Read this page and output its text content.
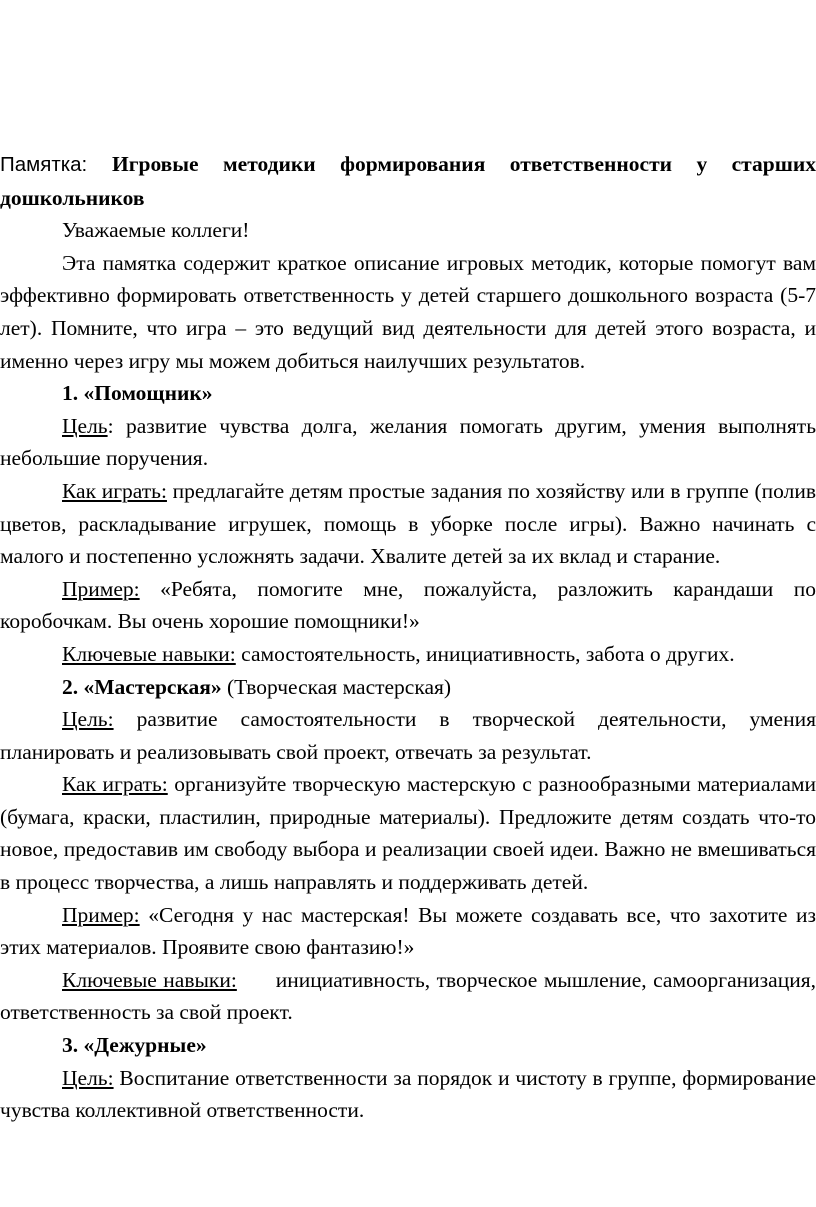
Памятка: Игровые методики формирования ответственности у старших дошкольников

Уважаемые коллеги!

Эта памятка содержит краткое описание игровых методик, которые помогут вам эффективно формировать ответственность у детей старшего дошкольного возраста (5-7 лет). Помните, что игра – это ведущий вид деятельности для детей этого возраста, и именно через игру мы можем добиться наилучших результатов.

1. «Помощник»

Цель: развитие чувства долга, желания помогать другим, умения выполнять небольшие поручения.

Как играть: предлагайте детям простые задания по хозяйству или в группе (полив цветов, раскладывание игрушек, помощь в уборке после игры). Важно начинать с малого и постепенно усложнять задачи. Хвалите детей за их вклад и старание.

Пример: «Ребята, помогите мне, пожалуйста, разложить карандаши по коробочкам. Вы очень хорошие помощники!»

Ключевые навыки: самостоятельность, инициативность, забота о других.

2. «Мастерская» (Творческая мастерская)

Цель: развитие самостоятельности в творческой деятельности, умения планировать и реализовывать свой проект, отвечать за результат.

Как играть: организуйте творческую мастерскую с разнообразными материалами (бумага, краски, пластилин, природные материалы). Предложите детям создать что-то новое, предоставив им свободу выбора и реализации своей идеи. Важно не вмешиваться в процесс творчества, а лишь направлять и поддерживать детей.

Пример: «Сегодня у нас мастерская! Вы можете создавать все, что захотите из этих материалов. Проявите свою фантазию!»

Ключевые навыки:      инициативность, творческое мышление, самоорганизация, ответственность за свой проект.

3. «Дежурные»

Цель: Воспитание ответственности за порядок и чистоту в группе, формирование чувства коллективной ответственности.
